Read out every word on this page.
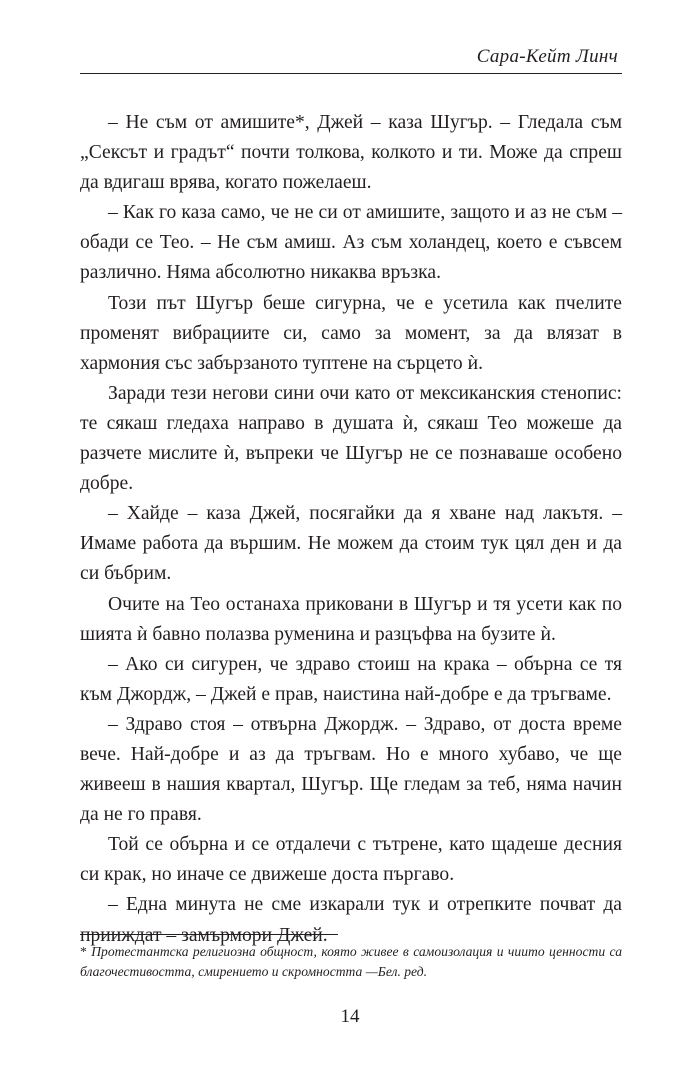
Сара-Кейт Линч

– Не съм от амишите*, Джей – каза Шугър. – Гледала съм „Сексът и градът“ почти толкова, колкото и ти. Може да спреш да вдигаш врява, когато пожелаеш.

– Как го каза само, че не си от амишите, защото и аз не съм – обади се Тео. – Не съм амиш. Аз съм холандец, което е съвсем различно. Няма абсолютно никаква връзка.

Този път Шугър беше сигурна, че е усетила как пчелите променят вибрациите си, само за момент, за да влязат в хармония със забързаното туптене на сърцето ѝ.

Заради тези негови сини очи като от мексиканския стенопис: те сякаш гледаха направо в душата ѝ, сякаш Тео можеше да разчете мислите ѝ, въпреки че Шугър не се познаваше особено добре.

– Хайде – каза Джей, посягайки да я хване над лакътя. – Имаме работа да вършим. Не можем да стоим тук цял ден и да си бъбрим.

Очите на Тео останаха приковани в Шугър и тя усети как по шията ѝ бавно полазва руменина и разцъфва на бузите ѝ.

– Ако си сигурен, че здраво стоиш на крака – обърна се тя към Джордж, – Джей е прав, наистина най-добре е да тръгваме.

– Здраво стоя – отвърна Джордж. – Здраво, от доста време вече. Най-добре и аз да тръгвам. Но е много хубаво, че ще живееш в нашия квартал, Шугър. Ще гледам за теб, няма начин да не го правя.

Той се обърна и се отдалечи с тътрене, като щадеше десния си крак, но иначе се движеше доста пъргаво.

– Една минута не сме изкарали тук и отрепките почват да прииждат – замърмори Джей.

* Протестантска религиозна общност, която живее в самоизолация и чиито ценности са благочестивостта, смирението и скромността —Бел. ред.
14
